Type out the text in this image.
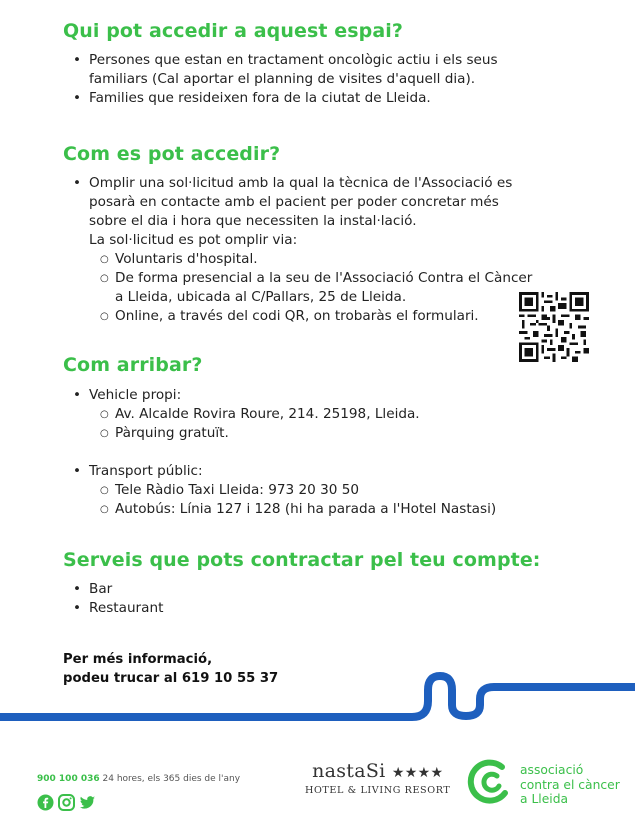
Qui pot accedir a aquest espai?
• Persones que estan en tractament oncològic actiu i els seus
familiars (Cal aportar el planning de visites d'aquell dia).
• Families que resideixen fora de la ciutat de Lleida.
Com es pot accedir?
• Omplir una sol·licitud amb la qual la tècnica de l'Associació es
posarà en contacte amb el pacient per poder concretar més
sobre el dia i hora que necessiten la instal·lació.
La sol·licitud es pot omplir via:
○ Voluntaris d'hospital.
○ De forma presencial a la seu de l'Associació Contra el Càncer
a Lleida, ubicada al C/Pallars, 25 de Lleida.
○ Online, a través del codi QR, on trobaràs el formulari.
Com arribar?
• Vehicle propi:
○ Av. Alcalde Rovira Roure, 214. 25198, Lleida.
○ Pàrquing gratuït.
• Transport públic:
○ Tele Ràdio Taxi Lleida: 973 20 30 50
○ Autobús: Línia 127 i 128 (hi ha parada a l'Hotel Nastasi)
Serveis que pots contractar pel teu compte:
• Bar
• Restaurant
Per més informació,
podeu trucar al 619 10 55 37
900 100 036 24 hores, els 365 dies de l'any	nastaSi ★★★★
HOTEL & LIVING RESORT
associació
contra el càncer
a Lleida
